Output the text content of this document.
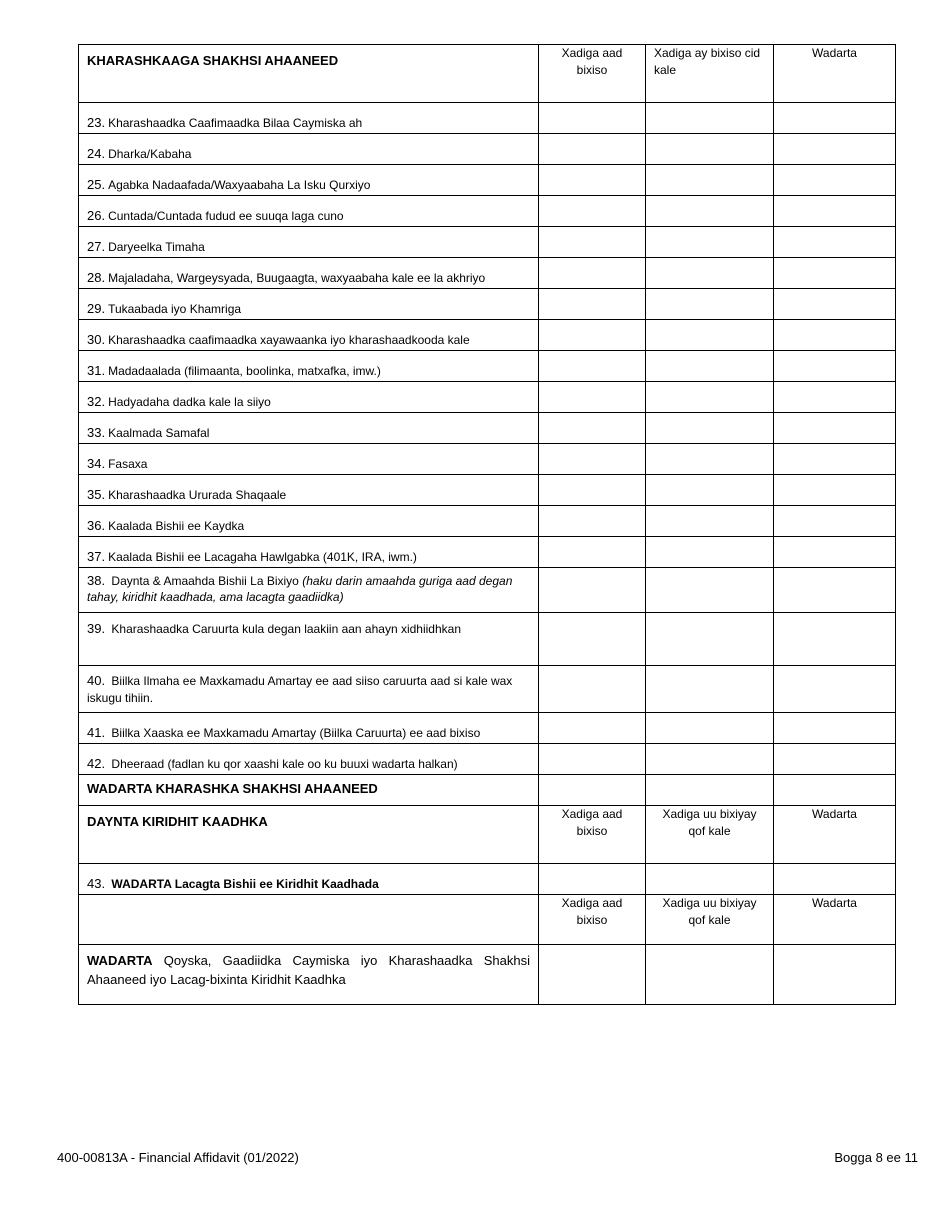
KHARASHKAAGA SHAKHSI AHAANEED	Xadiga aad bixiso	Xadiga ay bixiso cid kale	Wadarta
23. Kharashaadka Caafimaadka Bilaa Caymiska ah			
24. Dharka/Kabaha			
25. Agabka Nadaafada/Waxyaabaha La Isku Qurxiyo			
26. Cuntada/Cuntada fudud ee suuqa laga cuno			
27. Daryeelka Timaha			
28. Majaladaha, Wargeysyada, Buugaagta, waxyaabaha kale ee la akhriyo			
29. Tukaabada iyo Khamriga			
30. Kharashaadka caafimaadka xayawaanka iyo kharashaadkooda kale			
31. Madadaalada (filimaanta, boolinka, matxafka, imw.)			
32. Hadyadaha dadka kale la siiyo			
33. Kaalmada Samafal			
34. Fasaxa			
35. Kharashaadka Ururada Shaqaale			
36. Kaalada Bishii ee Kaydka			
37. Kaalada Bishii ee Lacagaha Hawlgabka (401K, IRA, iwm.)			
38. Daynta & Amaahda Bishii La Bixiyo (haku darin amaahda guriga aad degan tahay, kiridhit kaadhada, ama lacagta gaadiidka)			
39. Kharashaadka Caruurta kula degan laakiin aan ahayn xidhiidhkan			
40. Biilka Ilmaha ee Maxkamadu Amartay ee aad siiso caruurta aad si kale wax iskugu tihiin.			
41. Biilka Xaaska ee Maxkamadu Amartay (Biilka Caruurta) ee aad bixiso			
42. Dheeraad (fadlan ku qor xaashi kale oo ku buuxi wadarta halkan)			
WADARTA KHARASHKA SHAKHSI AHAANEED			
DAYNTA KIRIDHIT KAADHKA	Xadiga aad bixiso	Xadiga uu bixiyay qof kale	Wadarta
43. WADARTA Lacagta Bishii ee Kiridhit Kaadhada			
	Xadiga aad bixiso	Xadiga uu bixiyay qof kale	Wadarta
WADARTA Qoyska, Gaadiidka Caymiska iyo Kharashaadka Shakhsi Ahaaneed iyo Lacag-bixinta Kiridhit Kaadhka			
400-00813A - Financial Affidavit (01/2022)	Bogga 8 ee 11
